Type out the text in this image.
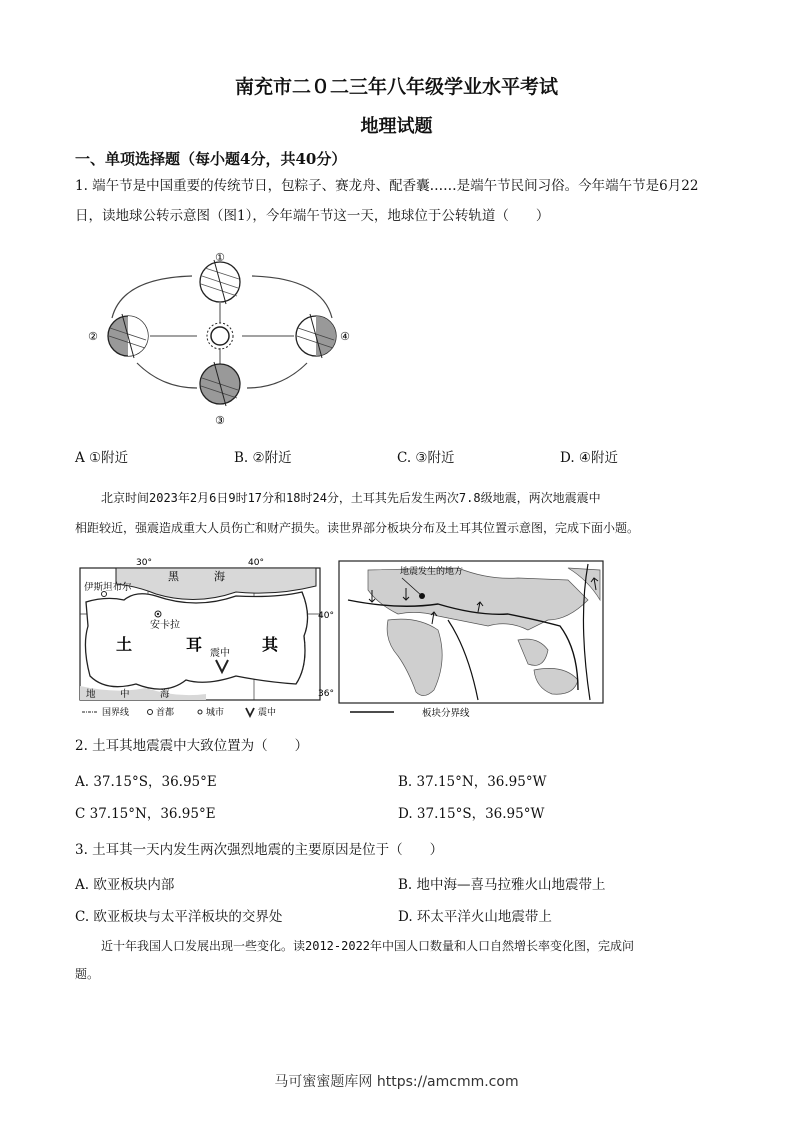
南充市二０二三年八年级学业水平考试
地理试题
一、单项选择题（每小题4分，共40分）
1. 端午节是中国重要的传统节日，包粽子、赛龙舟、配香囊……是端午节民间习俗。今年端午节是6月22
日，读地球公转示意图（图1），今年端午节这一天，地球位于公转轨道（　　）
①
②
③
④
A ①附近	B. ②附近	C. ③附近	D. ④附近
北京时间2023年2月6日9时17分和18时24分，土耳其先后发生两次7.8级地震，两次地震震中
相距较近，强震造成重大人员伤亡和财产损失。读世界部分板块分布及土耳其位置示意图，完成下面小题。
30°	40°
40°
36°
黑	海
伊斯坦布尔
安卡拉
土	耳	其
震中
地	中	海
国界线	首都	城市	震中
地震发生的地方
板块分界线
2. 土耳其地震震中大致位置为（　　）
A. 37.15°S，36.95°E	B. 37.15°N，36.95°W
C 37.15°N，36.95°E	D. 37.15°S，36.95°W
3. 土耳其一天内发生两次强烈地震的主要原因是位于（　　）
A. 欧亚板块内部	B. 地中海—喜马拉雅火山地震带上
C. 欧亚板块与太平洋板块的交界处	D. 环太平洋火山地震带上
近十年我国人口发展出现一些变化。读2012-2022年中国人口数量和人口自然增长率变化图，完成问
题。
马可蜜蜜题库网 https://amcmm.com
